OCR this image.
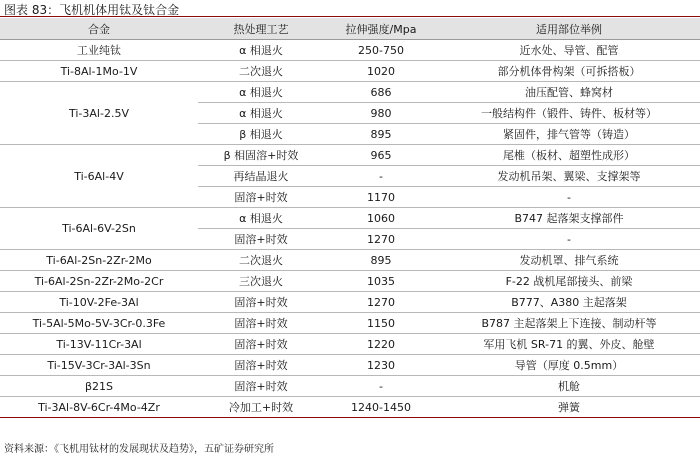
图表 83：飞机机体用钛及钛合金
合金	热处理工艺	拉伸强度/Mpa	适用部位举例
工业纯钛	α 相退火	250-750	近水处、导管、配管
Ti-8Al-1Mo-1V	二次退火	1020	部分机体骨构架（可拆搭板）
Ti-3Al-2.5V	α 相退火	686	油压配管、蜂窝材
	α 相退火	980	一般结构件（锻件、铸件、板材等）
	β 相退火	895	紧固件，排气管等（铸造）
Ti-6Al-4V	β 相固溶+时效	965	尾椎（板材、超塑性成形）
	再结晶退火	-	发动机吊架、翼梁、支撑架等
	固溶+时效	1170	-
Ti-6Al-6V-2Sn	α 相退火	1060	B747 起落架支撑部件
	固溶+时效	1270	-
Ti-6Al-2Sn-2Zr-2Mo	二次退火	895	发动机罩、排气系统
Ti-6Al-2Sn-2Zr-2Mo-2Cr	三次退火	1035	F-22 战机尾部接头、前梁
Ti-10V-2Fe-3Al	固溶+时效	1270	B777、A380 主起落架
Ti-5Al-5Mo-5V-3Cr-0.3Fe	固溶+时效	1150	B787 主起落架上下连接、制动杆等
Ti-13V-11Cr-3Al	固溶+时效	1220	军用飞机 SR-71 的翼、外皮、舱壁
Ti-15V-3Cr-3Al-3Sn	固溶+时效	1230	导管（厚度 0.5mm）
β21S	固溶+时效	-	机舱
Ti-3Al-8V-6Cr-4Mo-4Zr	冷加工+时效	1240-1450	弹簧
资料来源：《飞机用钛材的发展现状及趋势》，五矿证券研究所
